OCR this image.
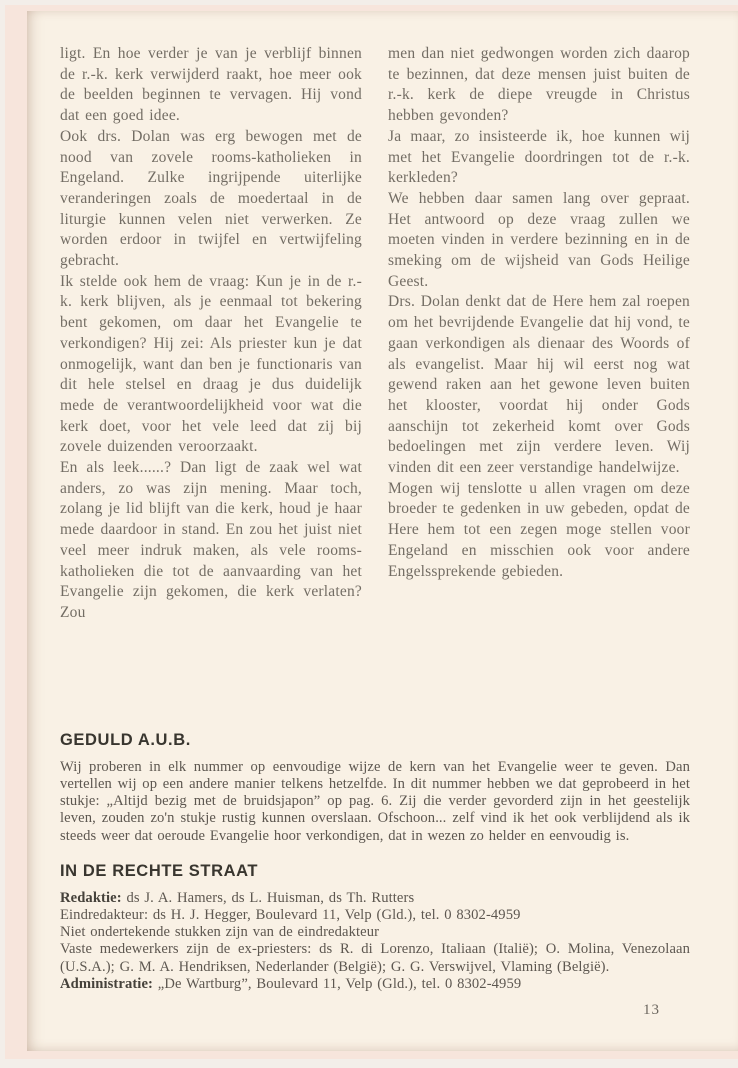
ligt. En hoe verder je van je verblijf binnen de r.-k. kerk verwijderd raakt, hoe meer ook de beelden beginnen te vervagen. Hij vond dat een goed idee.

Ook drs. Dolan was erg bewogen met de nood van zovele rooms-katholieken in Engeland. Zulke ingrijpende uiterlijke veranderingen zoals de moedertaal in de liturgie kunnen velen niet verwerken. Ze worden erdoor in twijfel en vertwijfeling gebracht.

Ik stelde ook hem de vraag: Kun je in de r.-k. kerk blijven, als je eenmaal tot bekering bent gekomen, om daar het Evangelie te verkondigen? Hij zei: Als priester kun je dat onmogelijk, want dan ben je functionaris van dit hele stelsel en draag je dus duidelijk mede de verantwoordelijkheid voor wat die kerk doet, voor het vele leed dat zij bij zovele duizenden veroorzaakt.

En als leek......? Dan ligt de zaak wel wat anders, zo was zijn mening. Maar toch, zolang je lid blijft van die kerk, houd je haar mede daardoor in stand. En zou het juist niet veel meer indruk maken, als vele rooms-katholieken die tot de aanvaarding van het Evangelie zijn gekomen, die kerk verlaten? Zou

men dan niet gedwongen worden zich daarop te bezinnen, dat deze mensen juist buiten de r.-k. kerk de diepe vreugde in Christus hebben gevonden?

Ja maar, zo insisteerde ik, hoe kunnen wij met het Evangelie doordringen tot de r.-k. kerkleden?

We hebben daar samen lang over gepraat. Het antwoord op deze vraag zullen we moeten vinden in verdere bezinning en in de smeking om de wijsheid van Gods Heilige Geest.

Drs. Dolan denkt dat de Here hem zal roepen om het bevrijdende Evangelie dat hij vond, te gaan verkondigen als dienaar des Woords of als evangelist. Maar hij wil eerst nog wat gewend raken aan het gewone leven buiten het klooster, voordat hij onder Gods aanschijn tot zekerheid komt over Gods bedoelingen met zijn verdere leven. Wij vinden dit een zeer verstandige handelwijze.

Mogen wij tenslotte u allen vragen om deze broeder te gedenken in uw gebeden, opdat de Here hem tot een zegen moge stellen voor Engeland en misschien ook voor andere Engelssprekende gebieden.

GEDULD A.U.B.

Wij proberen in elk nummer op eenvoudige wijze de kern van het Evangelie weer te geven. Dan vertellen wij op een andere manier telkens hetzelfde. In dit nummer hebben we dat geprobeerd in het stukje: „Altijd bezig met de bruidsjapon” op pag. 6. Zij die verder gevorderd zijn in het geestelijk leven, zouden zo'n stukje rustig kunnen overslaan. Ofschoon... zelf vind ik het ook verblijdend als ik steeds weer dat oeroude Evangelie hoor verkondigen, dat in wezen zo helder en eenvoudig is.

IN DE RECHTE STRAAT

Redaktie: ds J. A. Hamers, ds L. Huisman, ds Th. Rutters

Eindredakteur: ds H. J. Hegger, Boulevard 11, Velp (Gld.), tel. 0 8302-4959

Niet ondertekende stukken zijn van de eindredakteur

Vaste medewerkers zijn de ex-priesters: ds R. di Lorenzo, Italiaan (Italië); O. Molina, Venezolaan (U.S.A.); G. M. A. Hendriksen, Nederlander (België); G. G. Verswijvel, Vlaming (België).

Administratie: „De Wartburg”, Boulevard 11, Velp (Gld.), tel. 0 8302-4959

13
